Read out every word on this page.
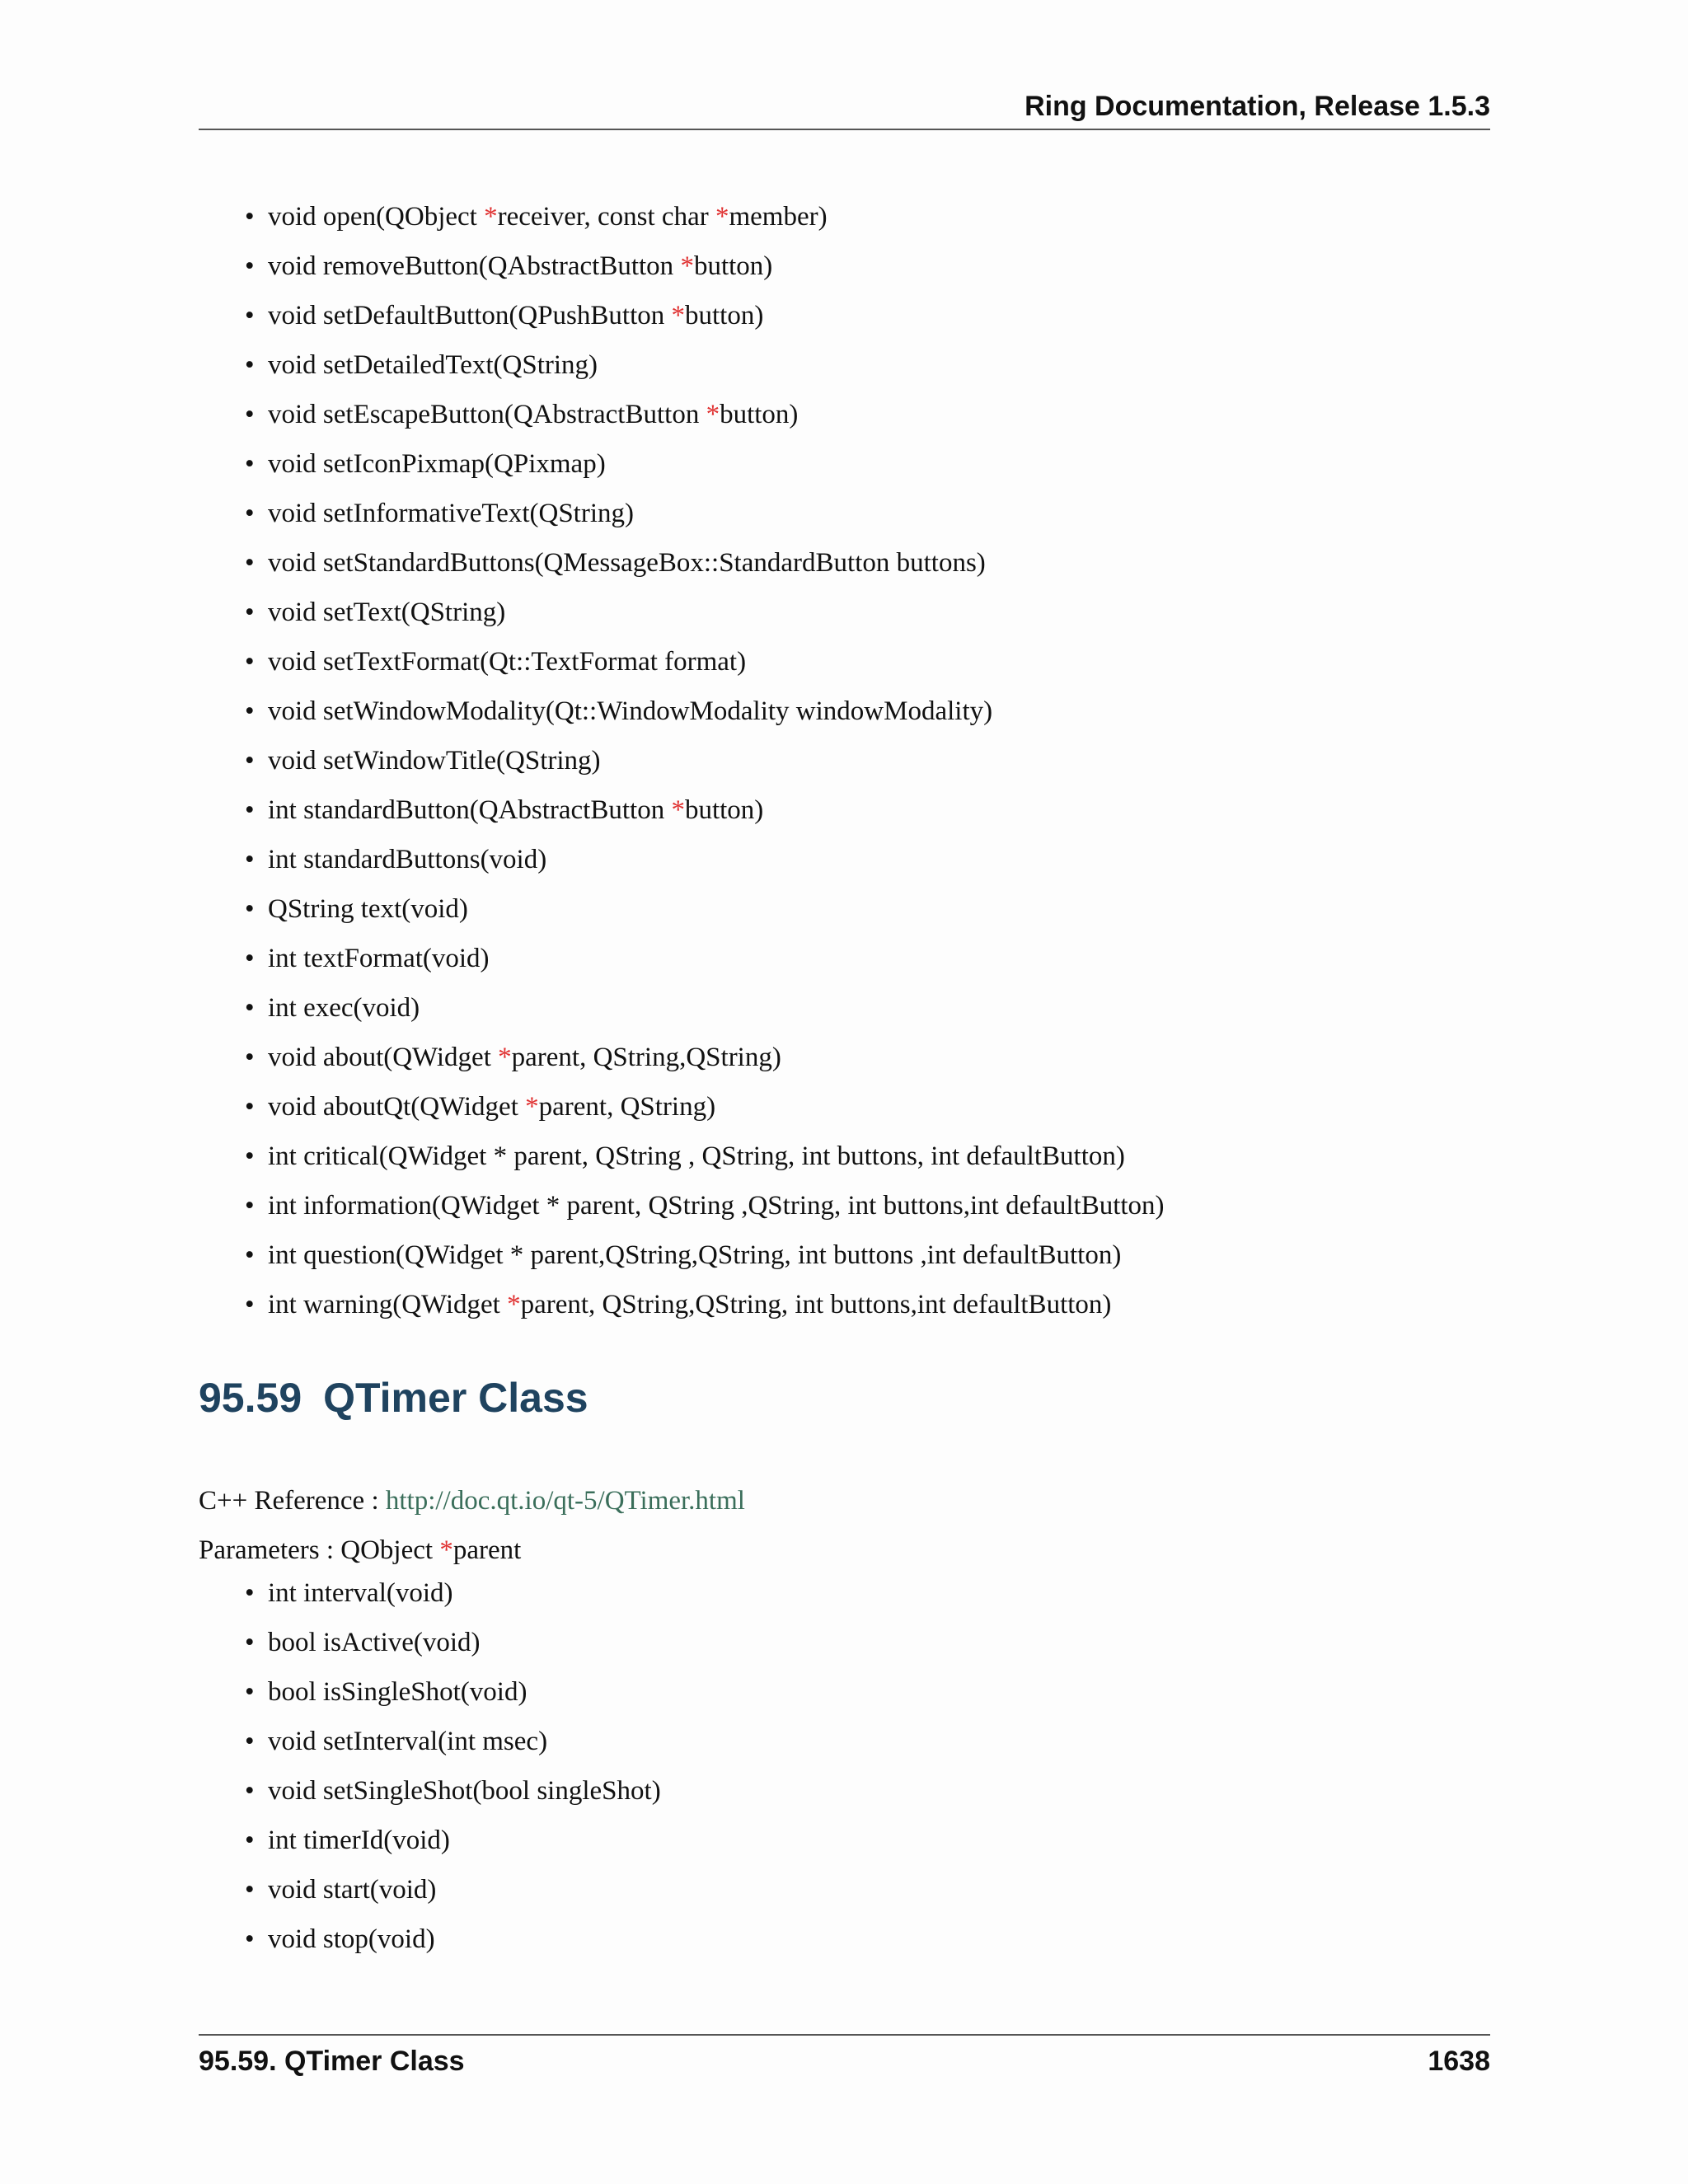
Ring Documentation, Release 1.5.3
• void open(QObject *receiver, const char *member)
• void removeButton(QAbstractButton *button)
• void setDefaultButton(QPushButton *button)
• void setDetailedText(QString)
• void setEscapeButton(QAbstractButton *button)
• void setIconPixmap(QPixmap)
• void setInformativeText(QString)
• void setStandardButtons(QMessageBox::StandardButton buttons)
• void setText(QString)
• void setTextFormat(Qt::TextFormat format)
• void setWindowModality(Qt::WindowModality windowModality)
• void setWindowTitle(QString)
• int standardButton(QAbstractButton *button)
• int standardButtons(void)
• QString text(void)
• int textFormat(void)
• int exec(void)
• void about(QWidget *parent, QString,QString)
• void aboutQt(QWidget *parent, QString)
• int critical(QWidget * parent, QString , QString, int buttons, int defaultButton)
• int information(QWidget * parent, QString ,QString, int buttons,int defaultButton)
• int question(QWidget * parent,QString,QString, int buttons ,int defaultButton)
• int warning(QWidget *parent, QString,QString, int buttons,int defaultButton)
95.59 QTimer Class
C++ Reference : http://doc.qt.io/qt-5/QTimer.html
Parameters : QObject *parent
• int interval(void)
• bool isActive(void)
• bool isSingleShot(void)
• void setInterval(int msec)
• void setSingleShot(bool singleShot)
• int timerId(void)
• void start(void)
• void stop(void)
95.59. QTimer Class	1638
